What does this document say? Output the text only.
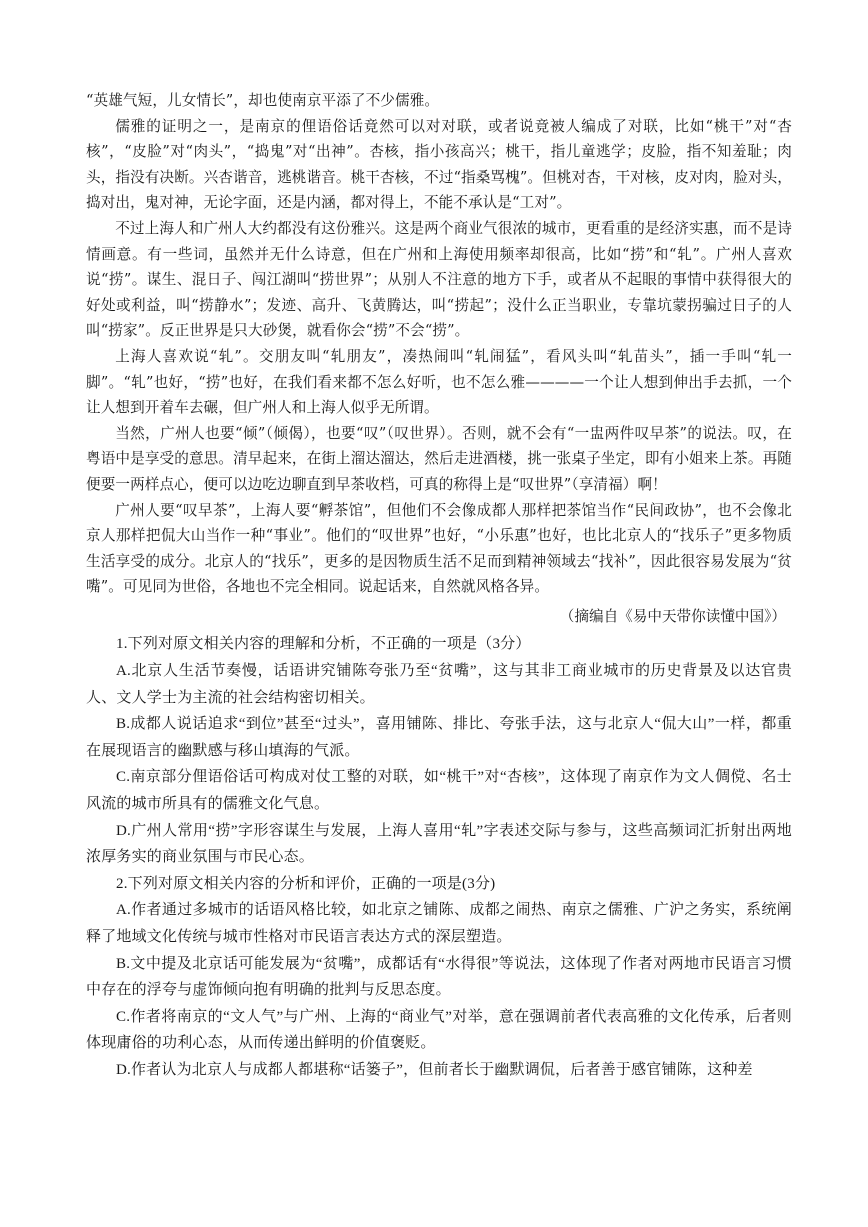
“英雄气短，儿女情长”，却也使南京平添了不少儒雅。

儒雅的证明之一，是南京的俚语俗话竟然可以对对联，或者说竟被人编成了对联，比如“桃干”对“杏核”，“皮脸”对“肉头”，“捣鬼”对“出神”。杏核，指小孩高兴；桃干，指儿童逃学；皮脸，指不知羞耻；肉头，指没有决断。兴杏谐音，逃桃谐音。桃干杏核，不过“指桑骂槐”。但桃对杏，干对核，皮对肉，脸对头，捣对出，鬼对神，无论字面，还是内涵，都对得上，不能不承认是“工对”。

不过上海人和广州人大约都没有这份雅兴。这是两个商业气很浓的城市，更看重的是经济实惠，而不是诗情画意。有一些词，虽然并无什么诗意，但在广州和上海使用频率却很高，比如“捞”和“轧”。广州人喜欢说“捞”。谋生、混日子、闯江湖叫“捞世界”；从别人不注意的地方下手，或者从不起眼的事情中获得很大的好处或利益，叫“捞静水”；发迹、高升、飞黄腾达，叫“捞起”；没什么正当职业，专靠坑蒙拐骗过日子的人叫“捞家”。反正世界是只大砂煲，就看你会“捞”不会“捞”。

上海人喜欢说“轧”。交朋友叫“轧朋友”，凑热闹叫“轧闹猛”，看风头叫“轧苗头”，插一手叫“轧一脚”。“轧”也好，“捞”也好，在我们看来都不怎么好听，也不怎么雅————一个让人想到伸出手去抓，一个让人想到开着车去碾，但广州人和上海人似乎无所谓。

当然，广州人也要“倾”（倾偈），也要“叹”（叹世界）。否则，就不会有“一盅两件叹早茶”的说法。叹，在粤语中是享受的意思。清早起来，在街上溜达溜达，然后走进酒楼，挑一张桌子坐定，即有小姐来上茶。再随便要一两样点心，便可以边吃边聊直到早茶收档，可真的称得上是“叹世界”（享清福）啊！

广州人要“叹早茶”，上海人要“孵茶馆”，但他们不会像成都人那样把茶馆当作“民间政协”，也不会像北京人那样把侃大山当作一种“事业”。他们的“叹世界”也好，“小乐惠”也好，也比北京人的“找乐子”更多物质生活享受的成分。北京人的“找乐”，更多的是因物质生活不足而到精神领域去“找补”，因此很容易发展为“贫嘴”。可见同为世俗，各地也不完全相同。说起话来，自然就风格各异。

（摘编自《易中天带你读懂中国》）

1.下列对原文相关内容的理解和分析，不正确的一项是（3分）

A.北京人生活节奏慢，话语讲究铺陈夸张乃至“贫嘴”，这与其非工商业城市的历史背景及以达官贵人、文人学士为主流的社会结构密切相关。

B.成都人说话追求“到位”甚至“过头”，喜用铺陈、排比、夸张手法，这与北京人“侃大山”一样，都重在展现语言的幽默感与移山填海的气派。

C.南京部分俚语俗话可构成对仗工整的对联，如“桃干”对“杏核”，这体现了南京作为文人倜傥、名士风流的城市所具有的儒雅文化气息。

D.广州人常用“捞”字形容谋生与发展，上海人喜用“轧”字表述交际与参与，这些高频词汇折射出两地浓厚务实的商业氛围与市民心态。

2.下列对原文相关内容的分析和评价，正确的一项是(3分)

A.作者通过多城市的话语风格比较，如北京之铺陈、成都之闹热、南京之儒雅、广沪之务实，系统阐释了地域文化传统与城市性格对市民语言表达方式的深层塑造。

B.文中提及北京话可能发展为“贫嘴”，成都话有“水得很”等说法，这体现了作者对两地市民语言习惯中存在的浮夸与虚饰倾向抱有明确的批判与反思态度。

C.作者将南京的“文人气”与广州、上海的“商业气”对举，意在强调前者代表高雅的文化传承，后者则体现庸俗的功利心态，从而传递出鲜明的价值褒贬。

D.作者认为北京人与成都人都堪称“话篓子”，但前者长于幽默调侃，后者善于感官铺陈，这种差
